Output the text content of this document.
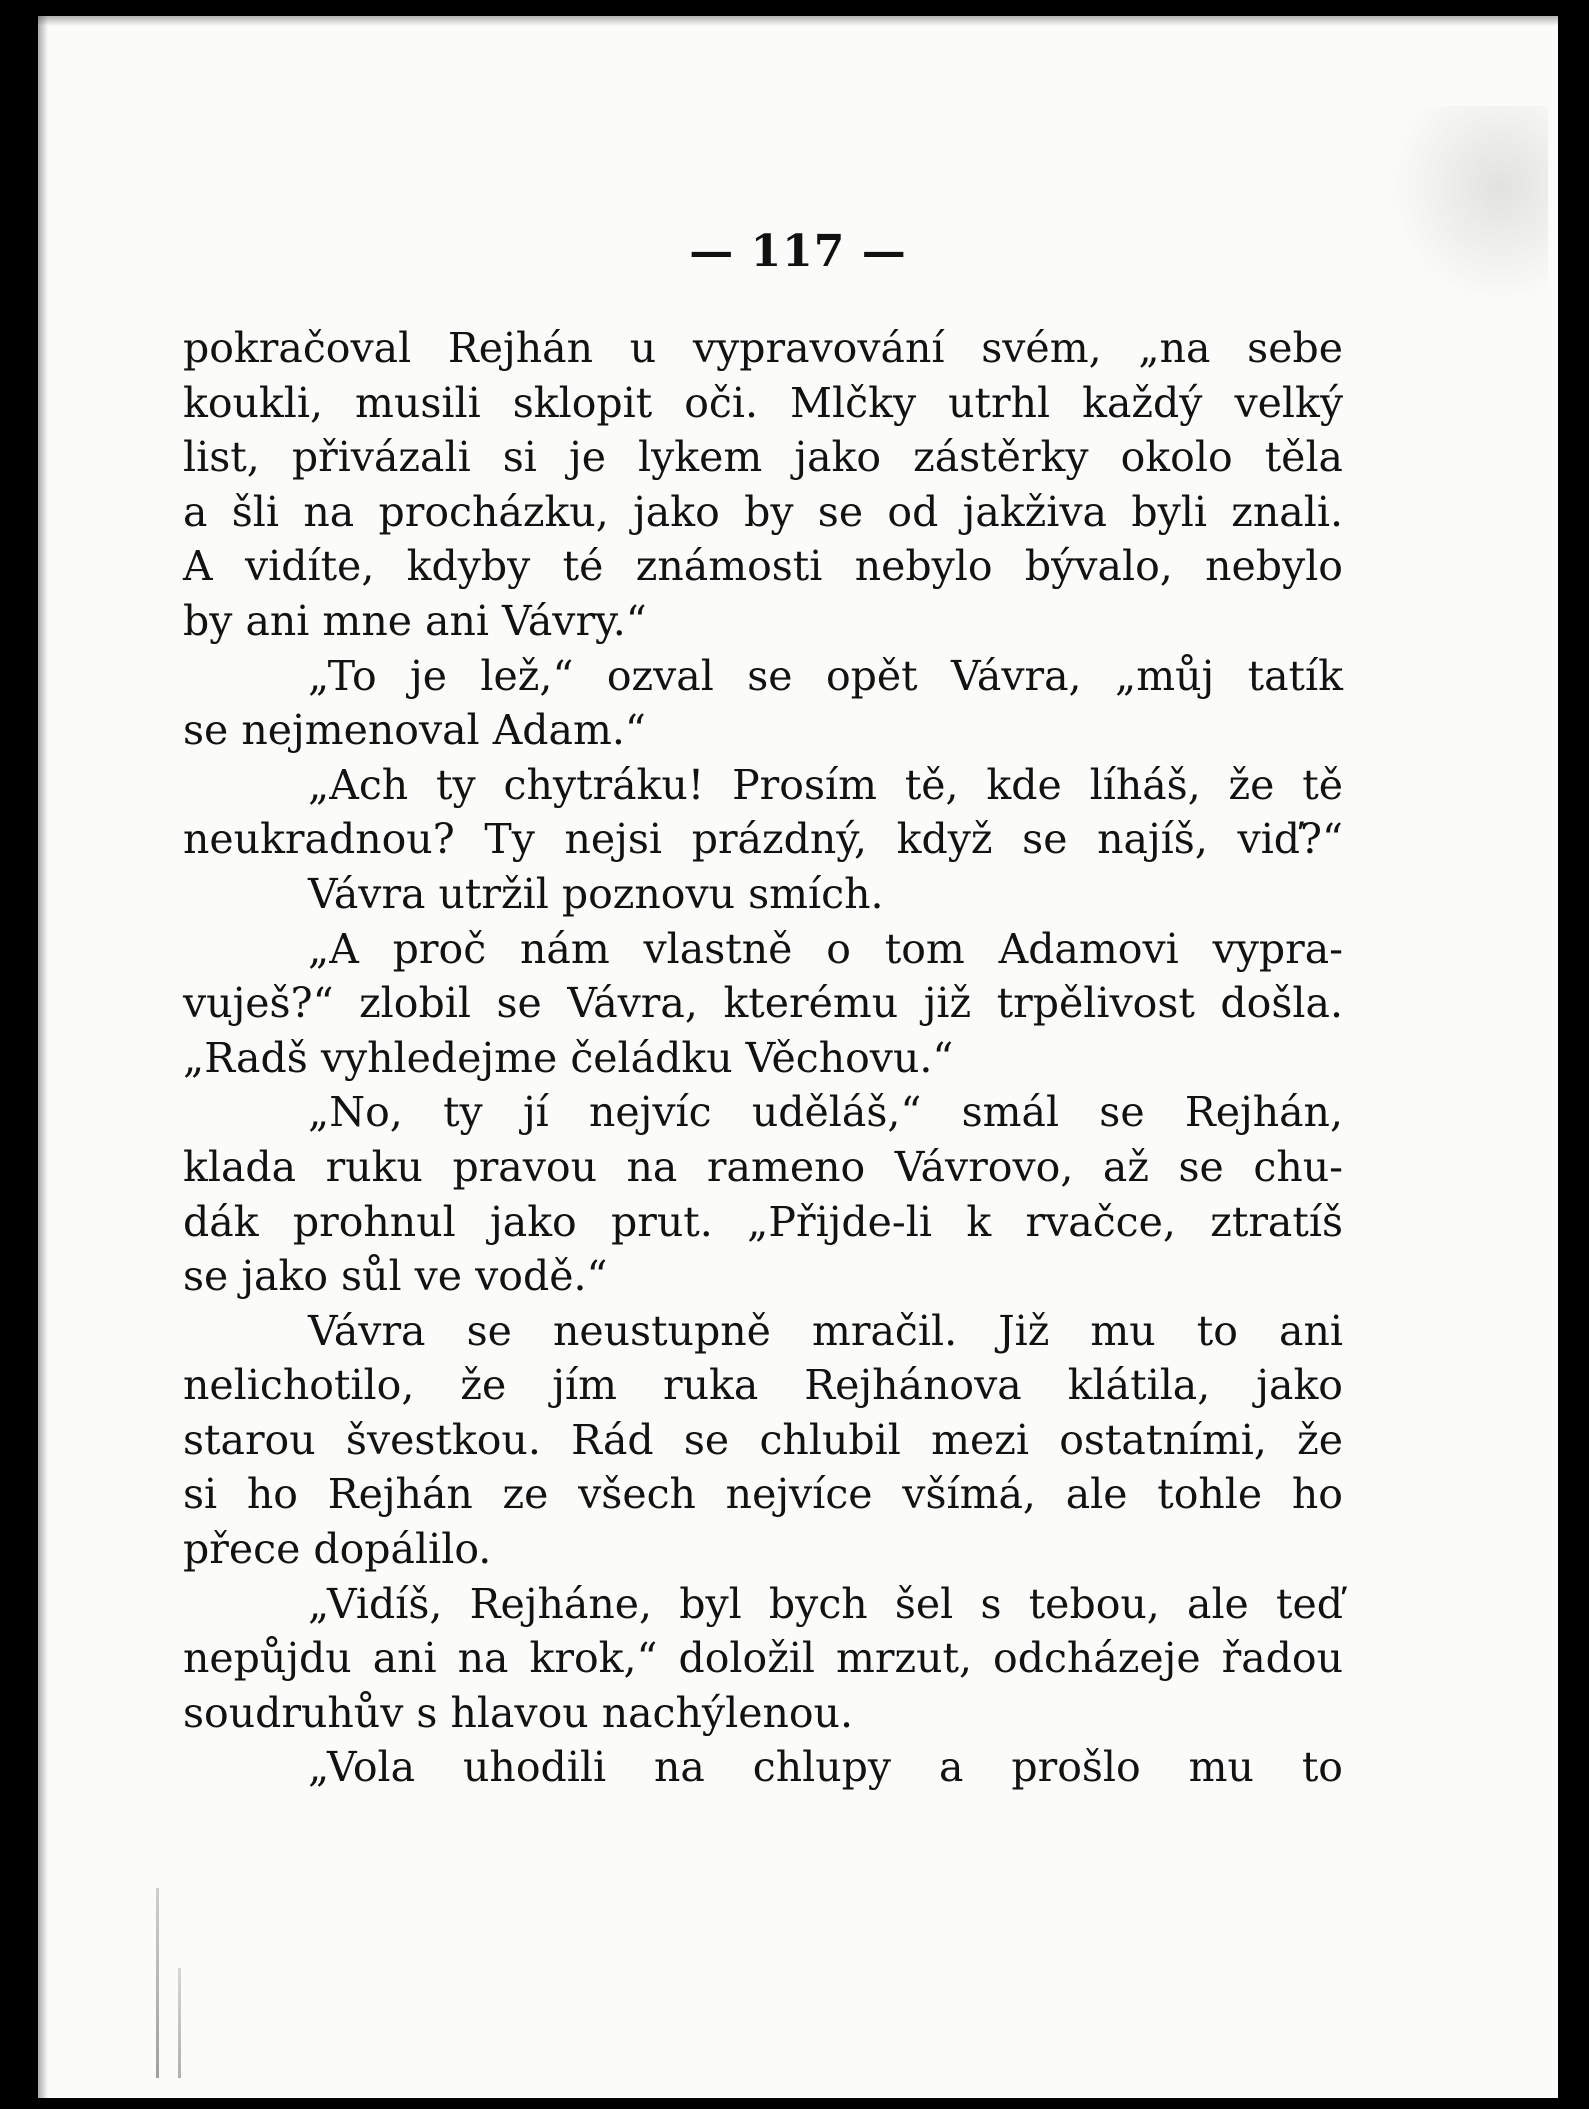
— 117 —
pokračoval Rejhán u vypravování svém, „na sebe
koukli, musili sklopit oči. Mlčky utrhl každý velký
list, přivázali si je lykem jako zástěrky okolo těla
a šli na procházku, jako by se od jakživa byli znali.
A vidíte, kdyby té známosti nebylo bývalo, nebylo
by ani mne ani Vávry.“
„To je lež,“ ozval se opět Vávra, „můj tatík
se nejmenoval Adam.“
„Ach ty chytráku! Prosím tě, kde líháš, že tě
neukradnou? Ty nejsi prázdný, když se najíš, viď?“
Vávra utržil poznovu smích.
„A proč nám vlastně o tom Adamovi vypra-
vuješ?“ zlobil se Vávra, kterému již trpělivost došla.
„Radš vyhledejme čeládku Věchovu.“
„No, ty jí nejvíc uděláš,“ smál se Rejhán,
klada ruku pravou na rameno Vávrovo, až se chu-
dák prohnul jako prut. „Přijde-li k rvačce, ztratíš
se jako sůl ve vodě.“
Vávra se neustupně mračil. Již mu to ani
nelichotilo, že jím ruka Rejhánova klátila, jako
starou švestkou. Rád se chlubil mezi ostatními, že
si ho Rejhán ze všech nejvíce všímá, ale tohle ho
přece dopálilo.
„Vidíš, Rejháne, byl bych šel s tebou, ale teď
nepůjdu ani na krok,“ doložil mrzut, odcházeje řadou
soudruhův s hlavou nachýlenou.
„Vola uhodili na chlupy a prošlo mu to
